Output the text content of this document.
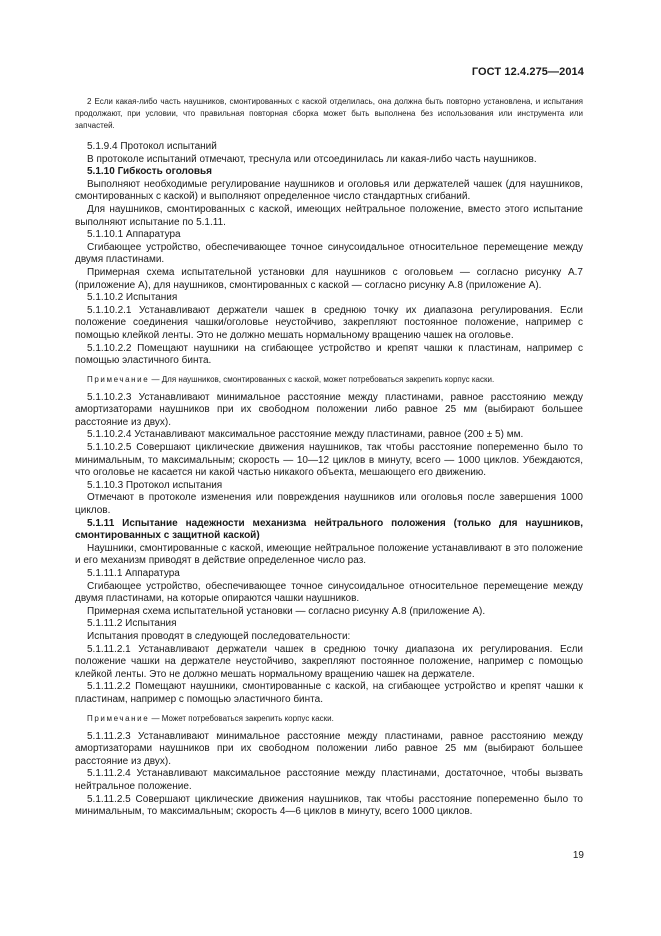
ГОСТ 12.4.275—2014

2 Если какая-либо часть наушников, смонтированных с каской отделилась, она должна быть повторно установлена, и испытания продолжают, при условии, что правильная повторная сборка может быть выполнена без использования или инструмента или запчастей.

5.1.9.4 Протокол испытаний

В протоколе испытаний отмечают, треснула или отсоединилась ли какая-либо часть наушников.

5.1.10 Гибкость оголовья

Выполняют необходимые регулирование наушников и оголовья или держателей чашек (для наушников, смонтированных с каской) и выполняют определенное число стандартных сгибаний.

Для наушников, смонтированных с каской, имеющих нейтральное положение, вместо этого испытание выполняют испытание по 5.1.11.

5.1.10.1 Аппаратура

Сгибающее устройство, обеспечивающее точное синусоидальное относительное перемещение между двумя пластинами.

Примерная схема испытательной установки для наушников с оголовьем — согласно рисунку А.7 (приложение А), для наушников, смонтированных с каской — согласно рисунку А.8 (приложение А).

5.1.10.2 Испытания

5.1.10.2.1 Устанавливают держатели чашек в среднюю точку их диапазона регулирования. Если положение соединения чашки/оголовье неустойчиво, закрепляют постоянное положение, например с помощью клейкой ленты. Это не должно мешать нормальному вращению чашек на оголовье.

5.1.10.2.2 Помещают наушники на сгибающее устройство и крепят чашки к пластинам, например с помощью эластичного бинта.

Примечание — Для наушников, смонтированных с каской, может потребоваться закрепить корпус каски.

5.1.10.2.3 Устанавливают минимальное расстояние между пластинами, равное расстоянию между амортизаторами наушников при их свободном положении либо равное 25 мм (выбирают большее расстояние из двух).

5.1.10.2.4 Устанавливают максимальное расстояние между пластинами, равное (200 ± 5) мм.

5.1.10.2.5 Совершают циклические движения наушников, так чтобы расстояние попеременно было то минимальным, то максимальным; скорость — 10—12 циклов в минуту, всего — 1000 циклов. Убеждаются, что оголовье не касается ни какой частью никакого объекта, мешающего его движению.

5.1.10.3 Протокол испытания

Отмечают в протоколе изменения или повреждения наушников или оголовья после завершения 1000 циклов.

5.1.11 Испытание надежности механизма нейтрального положения (только для наушников, смонтированных с защитной каской)

Наушники, смонтированные с каской, имеющие нейтральное положение устанавливают в это положение и его механизм приводят в действие определенное число раз.

5.1.11.1 Аппаратура

Сгибающее устройство, обеспечивающее точное синусоидальное относительное перемещение между двумя пластинами, на которые опираются чашки наушников.

Примерная схема испытательной установки — согласно рисунку А.8 (приложение А).

5.1.11.2 Испытания

Испытания проводят в следующей последовательности:

5.1.11.2.1 Устанавливают держатели чашек в среднюю точку диапазона их регулирования. Если положение чашки на держателе неустойчиво, закрепляют постоянное положение, например с помощью клейкой ленты. Это не должно мешать нормальному вращению чашек на держателе.

5.1.11.2.2 Помещают наушники, смонтированные с каской, на сгибающее устройство и крепят чашки к пластинам, например с помощью эластичного бинта.

Примечание — Может потребоваться закрепить корпус каски.

5.1.11.2.3 Устанавливают минимальное расстояние между пластинами, равное расстоянию между амортизаторами наушников при их свободном положении либо равное 25 мм (выбирают большее расстояние из двух).

5.1.11.2.4 Устанавливают максимальное расстояние между пластинами, достаточное, чтобы вызвать нейтральное положение.

5.1.11.2.5 Совершают циклические движения наушников, так чтобы расстояние попеременно было то минимальным, то максимальным; скорость 4—6 циклов в минуту, всего 1000 циклов.

19
